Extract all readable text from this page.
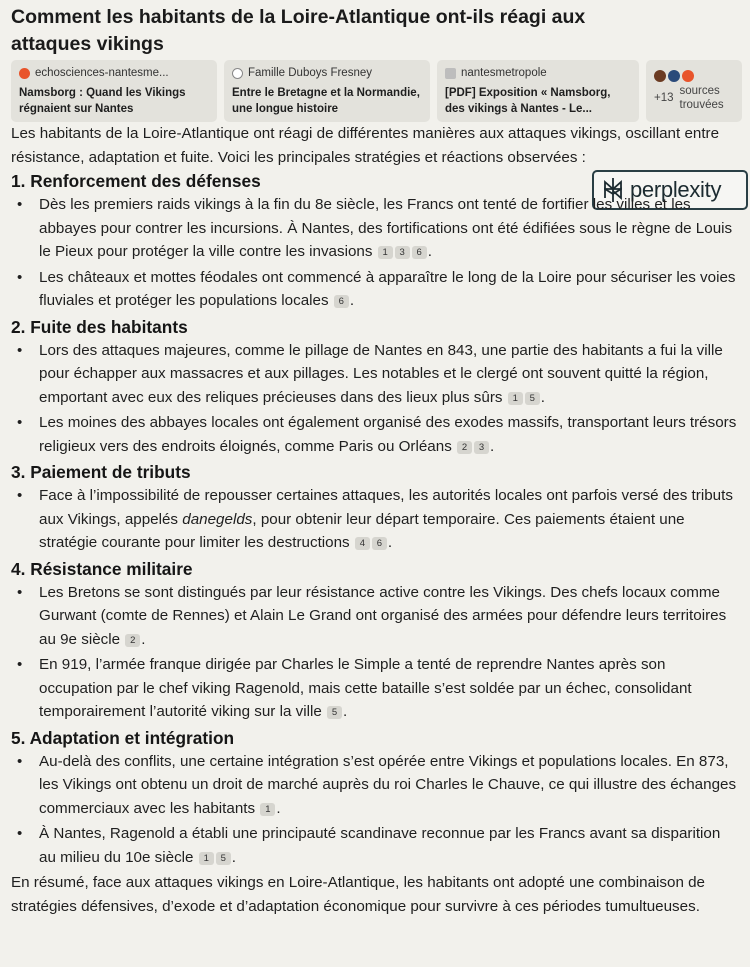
Comment les habitants de la Loire-Atlantique ont-ils réagi aux attaques vikings
echosciences-nantesme...
Namsborg : Quand les Vikings régnaient sur Nantes
Famille Duboys Fresney
Entre le Bretagne et la Normandie, une longue histoire
nantesmetropole
[PDF] Exposition « Namsborg, des vikings à Nantes - Le...
+13
sources trouvées
perplexity

Les habitants de la Loire-Atlantique ont réagi de différentes manières aux attaques vikings, oscillant entre résistance, adaptation et fuite. Voici les principales stratégies et réactions observées :

1. Renforcement des défenses
• Dès les premiers raids vikings à la fin du 8e siècle, les Francs ont tenté de fortifier les villes et les abbayes pour contrer les incursions. À Nantes, des fortifications ont été édifiées sous le règne de Louis le Pieux pour protéger la ville contre les invasions 1 3 6 .
• Les châteaux et mottes féodales ont commencé à apparaître le long de la Loire pour sécuriser les voies fluviales et protéger les populations locales 6 .
2. Fuite des habitants
• Lors des attaques majeures, comme le pillage de Nantes en 843, une partie des habitants a fui la ville pour échapper aux massacres et aux pillages. Les notables et le clergé ont souvent quitté la région, emportant avec eux des reliques précieuses dans des lieux plus sûrs 1 5 .
• Les moines des abbayes locales ont également organisé des exodes massifs, transportant leurs trésors religieux vers des endroits éloignés, comme Paris ou Orléans 2 3 .
3. Paiement de tributs
• Face à l’impossibilité de repousser certaines attaques, les autorités locales ont parfois versé des tributs aux Vikings, appelés danegelds, pour obtenir leur départ temporaire. Ces paiements étaient une stratégie courante pour limiter les destructions 4 6 .
4. Résistance militaire
• Les Bretons se sont distingués par leur résistance active contre les Vikings. Des chefs locaux comme Gurwant (comte de Rennes) et Alain Le Grand ont organisé des armées pour défendre leurs territoires au 9e siècle 2 .
• En 919, l’armée franque dirigée par Charles le Simple a tenté de reprendre Nantes après son occupation par le chef viking Ragenold, mais cette bataille s’est soldée par un échec, consolidant temporairement l’autorité viking sur la ville 5 .
5. Adaptation et intégration
• Au-delà des conflits, une certaine intégration s’est opérée entre Vikings et populations locales. En 873, les Vikings ont obtenu un droit de marché auprès du roi Charles le Chauve, ce qui illustre des échanges commerciaux avec les habitants 1 .
• À Nantes, Ragenold a établi une principauté scandinave reconnue par les Francs avant sa disparition au milieu du 10e siècle 1 5 .

En résumé, face aux attaques vikings en Loire-Atlantique, les habitants ont adopté une combinaison de stratégies défensives, d’exode et d’adaptation économique pour survivre à ces périodes tumultueuses.
